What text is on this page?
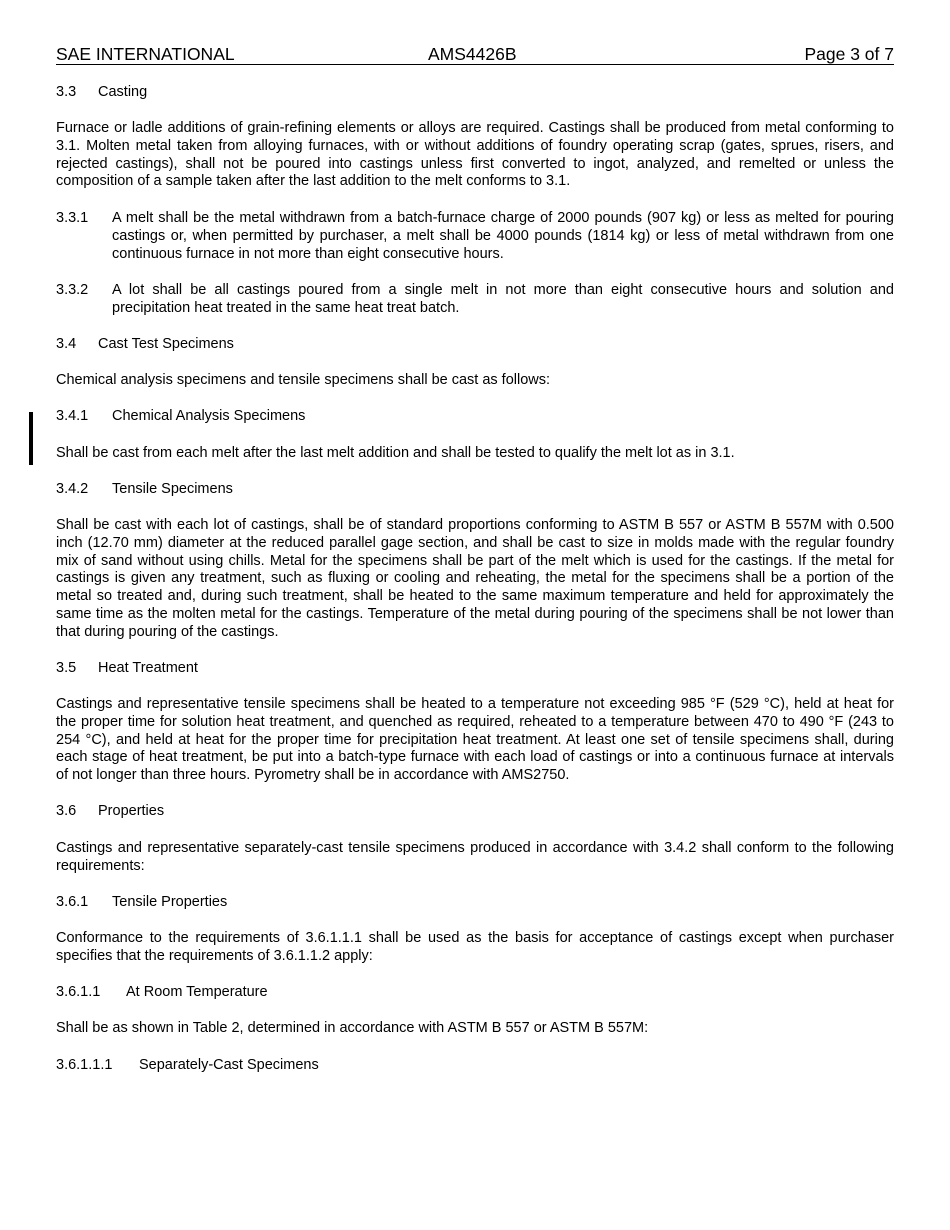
SAE INTERNATIONAL	AMS4426B	Page 3 of 7
3.3 Casting
Furnace or ladle additions of grain-refining elements or alloys are required. Castings shall be produced from metal conforming to 3.1. Molten metal taken from alloying furnaces, with or without additions of foundry operating scrap (gates, sprues, risers, and rejected castings), shall not be poured into castings unless first converted to ingot, analyzed, and remelted or unless the composition of a sample taken after the last addition to the melt conforms to 3.1.
3.3.1 A melt shall be the metal withdrawn from a batch-furnace charge of 2000 pounds (907 kg) or less as melted for pouring castings or, when permitted by purchaser, a melt shall be 4000 pounds (1814 kg) or less of metal withdrawn from one continuous furnace in not more than eight consecutive hours.
3.3.2 A lot shall be all castings poured from a single melt in not more than eight consecutive hours and solution and precipitation heat treated in the same heat treat batch.
3.4 Cast Test Specimens
Chemical analysis specimens and tensile specimens shall be cast as follows:
3.4.1 Chemical Analysis Specimens
Shall be cast from each melt after the last melt addition and shall be tested to qualify the melt lot as in 3.1.
3.4.2 Tensile Specimens
Shall be cast with each lot of castings, shall be of standard proportions conforming to ASTM B 557 or ASTM B 557M with 0.500 inch (12.70 mm) diameter at the reduced parallel gage section, and shall be cast to size in molds made with the regular foundry mix of sand without using chills. Metal for the specimens shall be part of the melt which is used for the castings. If the metal for castings is given any treatment, such as fluxing or cooling and reheating, the metal for the specimens shall be a portion of the metal so treated and, during such treatment, shall be heated to the same maximum temperature and held for approximately the same time as the molten metal for the castings. Temperature of the metal during pouring of the specimens shall be not lower than that during pouring of the castings.
3.5 Heat Treatment
Castings and representative tensile specimens shall be heated to a temperature not exceeding 985 °F (529 °C), held at heat for the proper time for solution heat treatment, and quenched as required, reheated to a temperature between 470 to 490 °F (243 to 254 °C), and held at heat for the proper time for precipitation heat treatment. At least one set of tensile specimens shall, during each stage of heat treatment, be put into a batch-type furnace with each load of castings or into a continuous furnace at intervals of not longer than three hours. Pyrometry shall be in accordance with AMS2750.
3.6 Properties
Castings and representative separately-cast tensile specimens produced in accordance with 3.4.2 shall conform to the following requirements:
3.6.1 Tensile Properties
Conformance to the requirements of 3.6.1.1.1 shall be used as the basis for acceptance of castings except when purchaser specifies that the requirements of 3.6.1.1.2 apply:
3.6.1.1 At Room Temperature
Shall be as shown in Table 2, determined in accordance with ASTM B 557 or ASTM B 557M:
3.6.1.1.1 Separately-Cast Specimens
